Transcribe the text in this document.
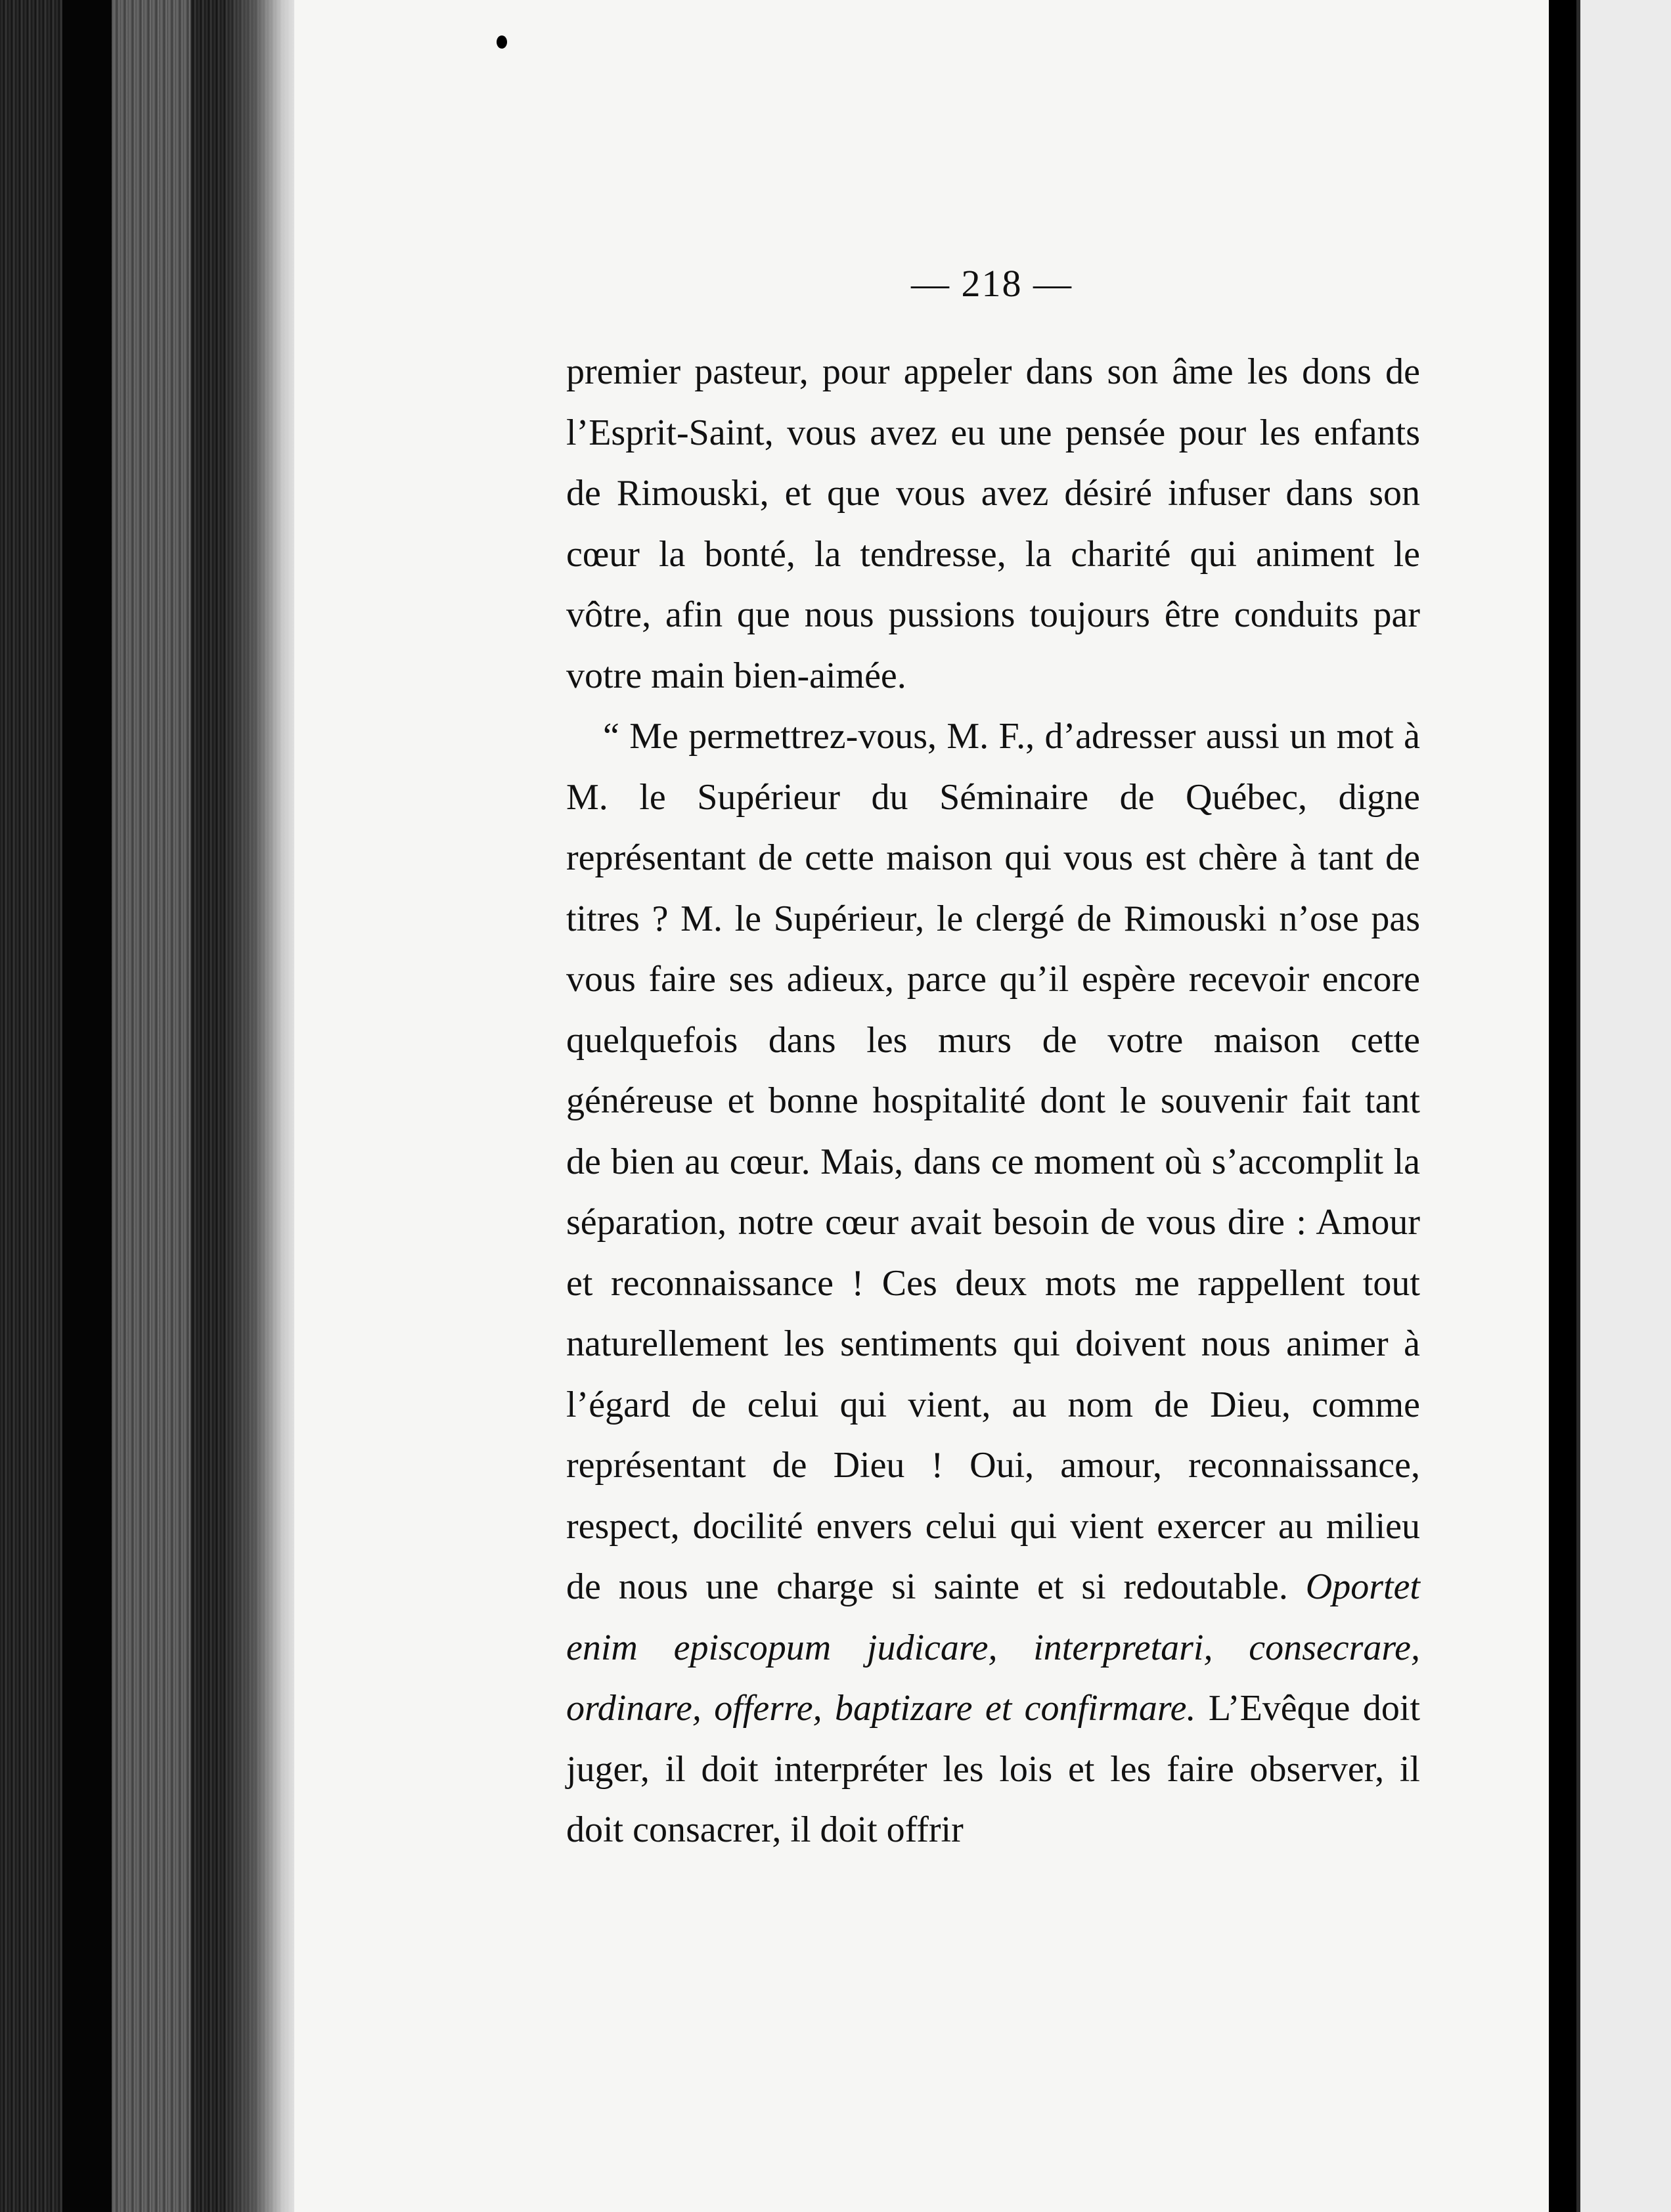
— 218 —

premier pasteur, pour appeler dans son âme les dons de l’Esprit-Saint, vous avez eu une pensée pour les enfants de Rimouski, et que vous avez désiré infuser dans son cœur la bonté, la tendresse, la charité qui animent le vôtre, afin que nous pussions toujours être conduits par votre main bien-aimée.

“ Me permettrez-vous, M. F., d’adresser aussi un mot à M. le Supérieur du Séminaire de Québec, digne représentant de cette maison qui vous est chère à tant de titres ? M. le Supérieur, le clergé de Rimouski n’ose pas vous faire ses adieux, parce qu’il espère recevoir encore quelquefois dans les murs de votre maison cette généreuse et bonne hospitalité dont le souvenir fait tant de bien au cœur. Mais, dans ce moment où s’accomplit la séparation, notre cœur avait besoin de vous dire : Amour et reconnaissance ! Ces deux mots me rappellent tout naturellement les sentiments qui doivent nous animer à l’égard de celui qui vient, au nom de Dieu, comme représentant de Dieu ! Oui, amour, reconnaissance, respect, docilité envers celui qui vient exercer au milieu de nous une charge si sainte et si redoutable. Oportet enim episcopum judicare, interpretari, consecrare, ordinare, offerre, baptizare et confirmare. L’Evêque doit juger, il doit interpréter les lois et les faire observer, il doit consacrer, il doit offrir
